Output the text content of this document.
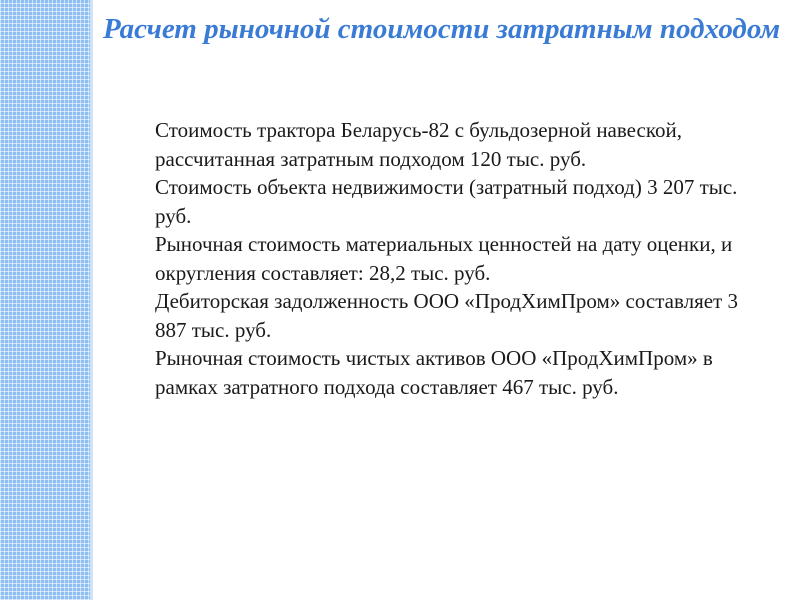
Расчет рыночной стоимости затратным подходом

Стоимость трактора Беларусь-82 с бульдозерной навеской, рассчитанная затратным подходом 120 тыс. руб.

Стоимость объекта недвижимости (затратный подход) 3 207 тыс. руб.

Рыночная стоимость материальных ценностей на дату оценки, и округления составляет: 28,2 тыс. руб.

Дебиторская задолженность ООО «ПродХимПром» составляет 3 887 тыс. руб.

Рыночная стоимость чистых активов ООО «ПродХимПром» в рамках затратного подхода составляет 467 тыс. руб.
